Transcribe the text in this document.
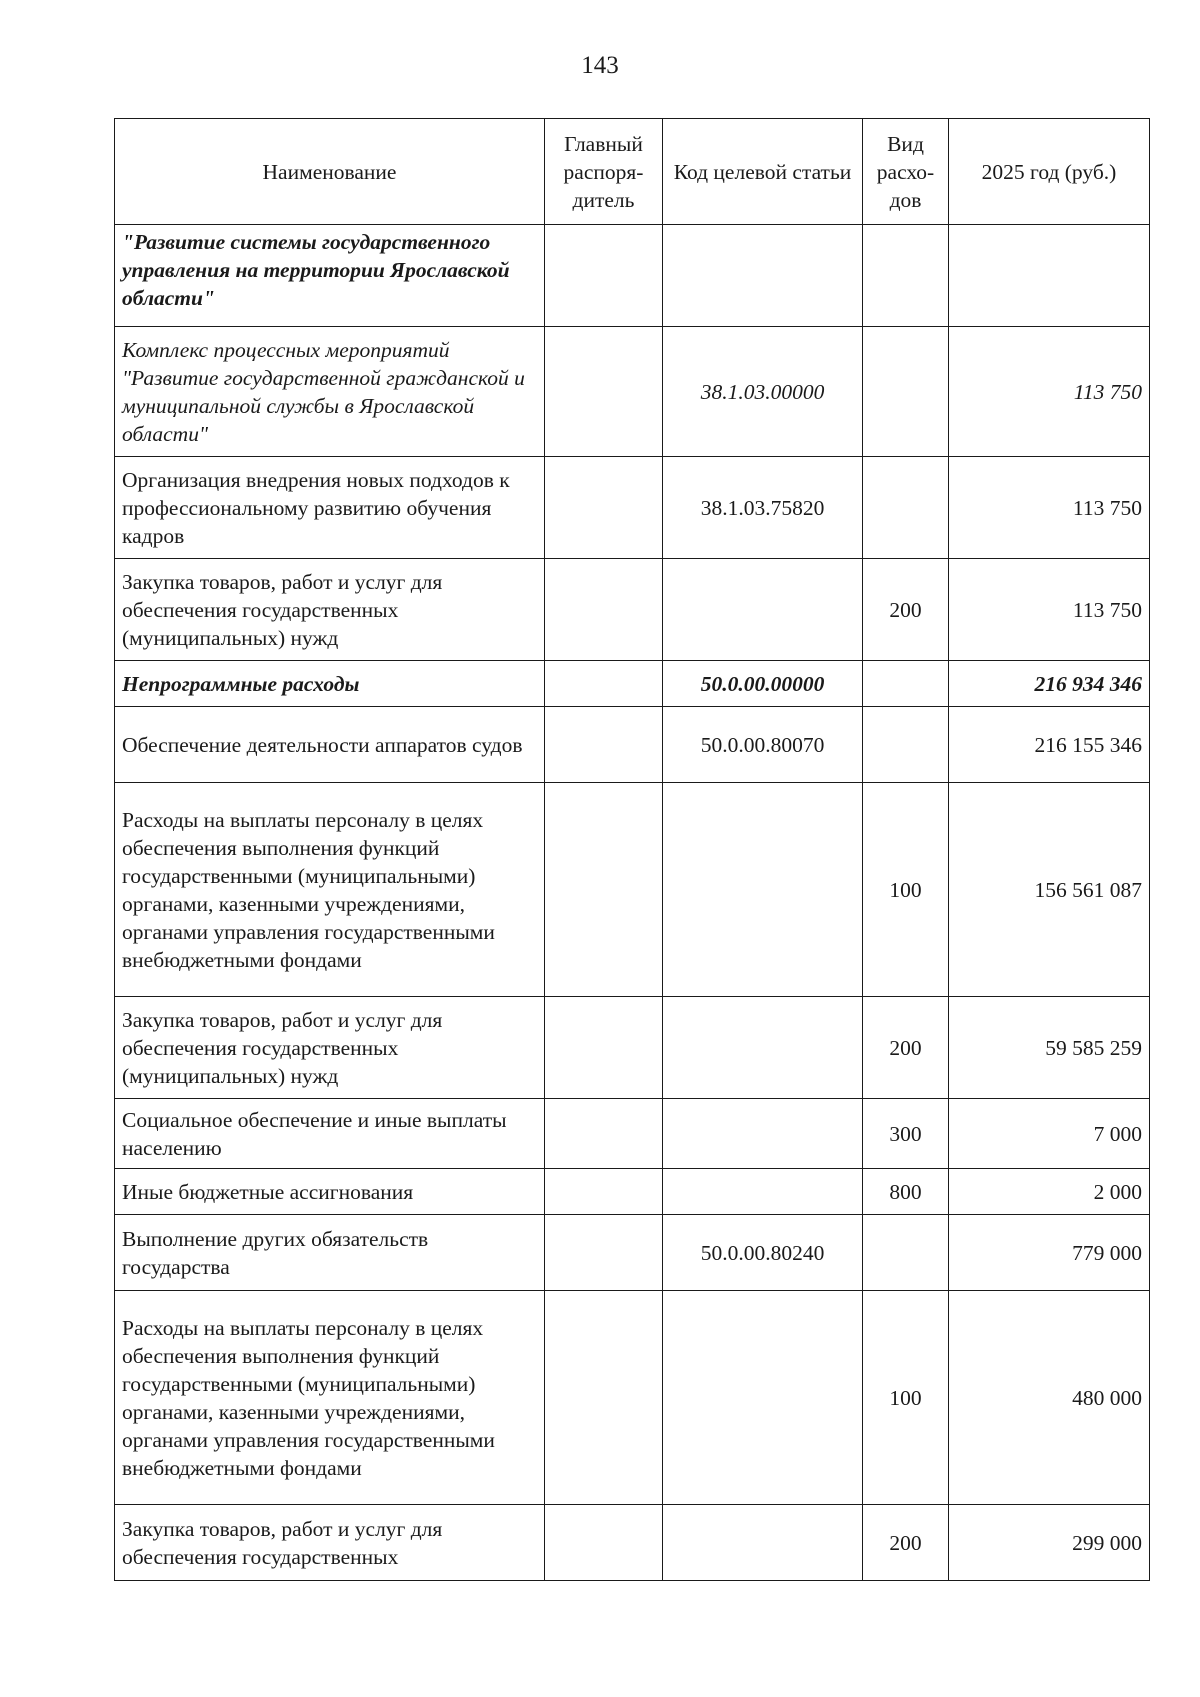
143
Наименование	Главный распоря-дитель	Код целевой статьи	Вид расхо-дов	2025 год (руб.)
"Развитие системы государственного управления на территории Ярославской области"				
Комплекс процессных мероприятий "Развитие государственной гражданской и муниципальной службы в Ярославской области"		38.1.03.00000		113 750
Организация внедрения новых подходов к профессиональному развитию обучения кадров		38.1.03.75820		113 750
Закупка товаров, работ и услуг для обеспечения государственных (муниципальных) нужд			200	113 750
Непрограммные расходы		50.0.00.00000		216 934 346
Обеспечение деятельности аппаратов судов		50.0.00.80070		216 155 346
Расходы на выплаты персоналу в целях обеспечения выполнения функций государственными (муниципальными) органами, казенными учреждениями, органами управления государственными внебюджетными фондами			100	156 561 087
Закупка товаров, работ и услуг для обеспечения государственных (муниципальных) нужд			200	59 585 259
Социальное обеспечение и иные выплаты населению			300	7 000
Иные бюджетные ассигнования			800	2 000
Выполнение других обязательств государства		50.0.00.80240		779 000
Расходы на выплаты персоналу в целях обеспечения выполнения функций государственными (муниципальными) органами, казенными учреждениями, органами управления государственными внебюджетными фондами			100	480 000
Закупка товаров, работ и услуг для обеспечения государственных			200	299 000
